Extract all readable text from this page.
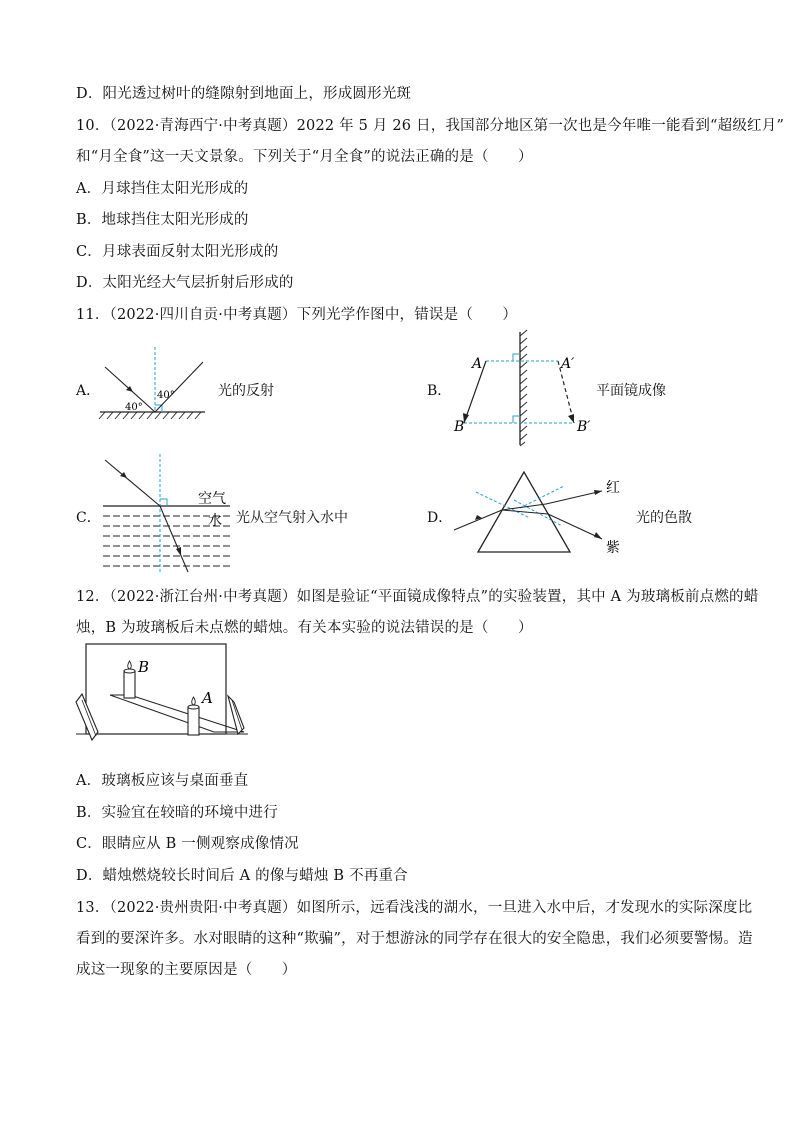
D．阳光透过树叶的缝隙射到地面上，形成圆形光斑
10．（2022·青海西宁·中考真题）2022 年 5 月 26 日，我国部分地区第一次也是今年唯一能看到“超级红月”
和“月全食”这一天文景象。下列关于“月全食”的说法正确的是（　　）
A．月球挡住太阳光形成的
B．地球挡住太阳光形成的
C．月球表面反射太阳光形成的
D．太阳光经大气层折射后形成的
11．（2022·四川自贡·中考真题）下列光学作图中，错误是（　　）
A．	40°
40°
光的反射	B．
A	A′
B	B′
平面镜成像
C．
空气
水 光从空气射入水中	D．
红
紫
光的色散
12．（2022·浙江台州·中考真题）如图是验证“平面镜成像特点”的实验装置，其中 A 为玻璃板前点燃的蜡
烛，B 为玻璃板后未点燃的蜡烛。有关本实验的说法错误的是（　　）
B
A
A．玻璃板应该与桌面垂直
B．实验宜在较暗的环境中进行
C．眼睛应从 B 一侧观察成像情况
D．蜡烛燃烧较长时间后 A 的像与蜡烛 B 不再重合
13．（2022·贵州贵阳·中考真题）如图所示，远看浅浅的湖水，一旦进入水中后，才发现水的实际深度比
看到的要深许多。水对眼睛的这种“欺骗”，对于想游泳的同学存在很大的安全隐患，我们必须要警惕。造
成这一现象的主要原因是（　　）
